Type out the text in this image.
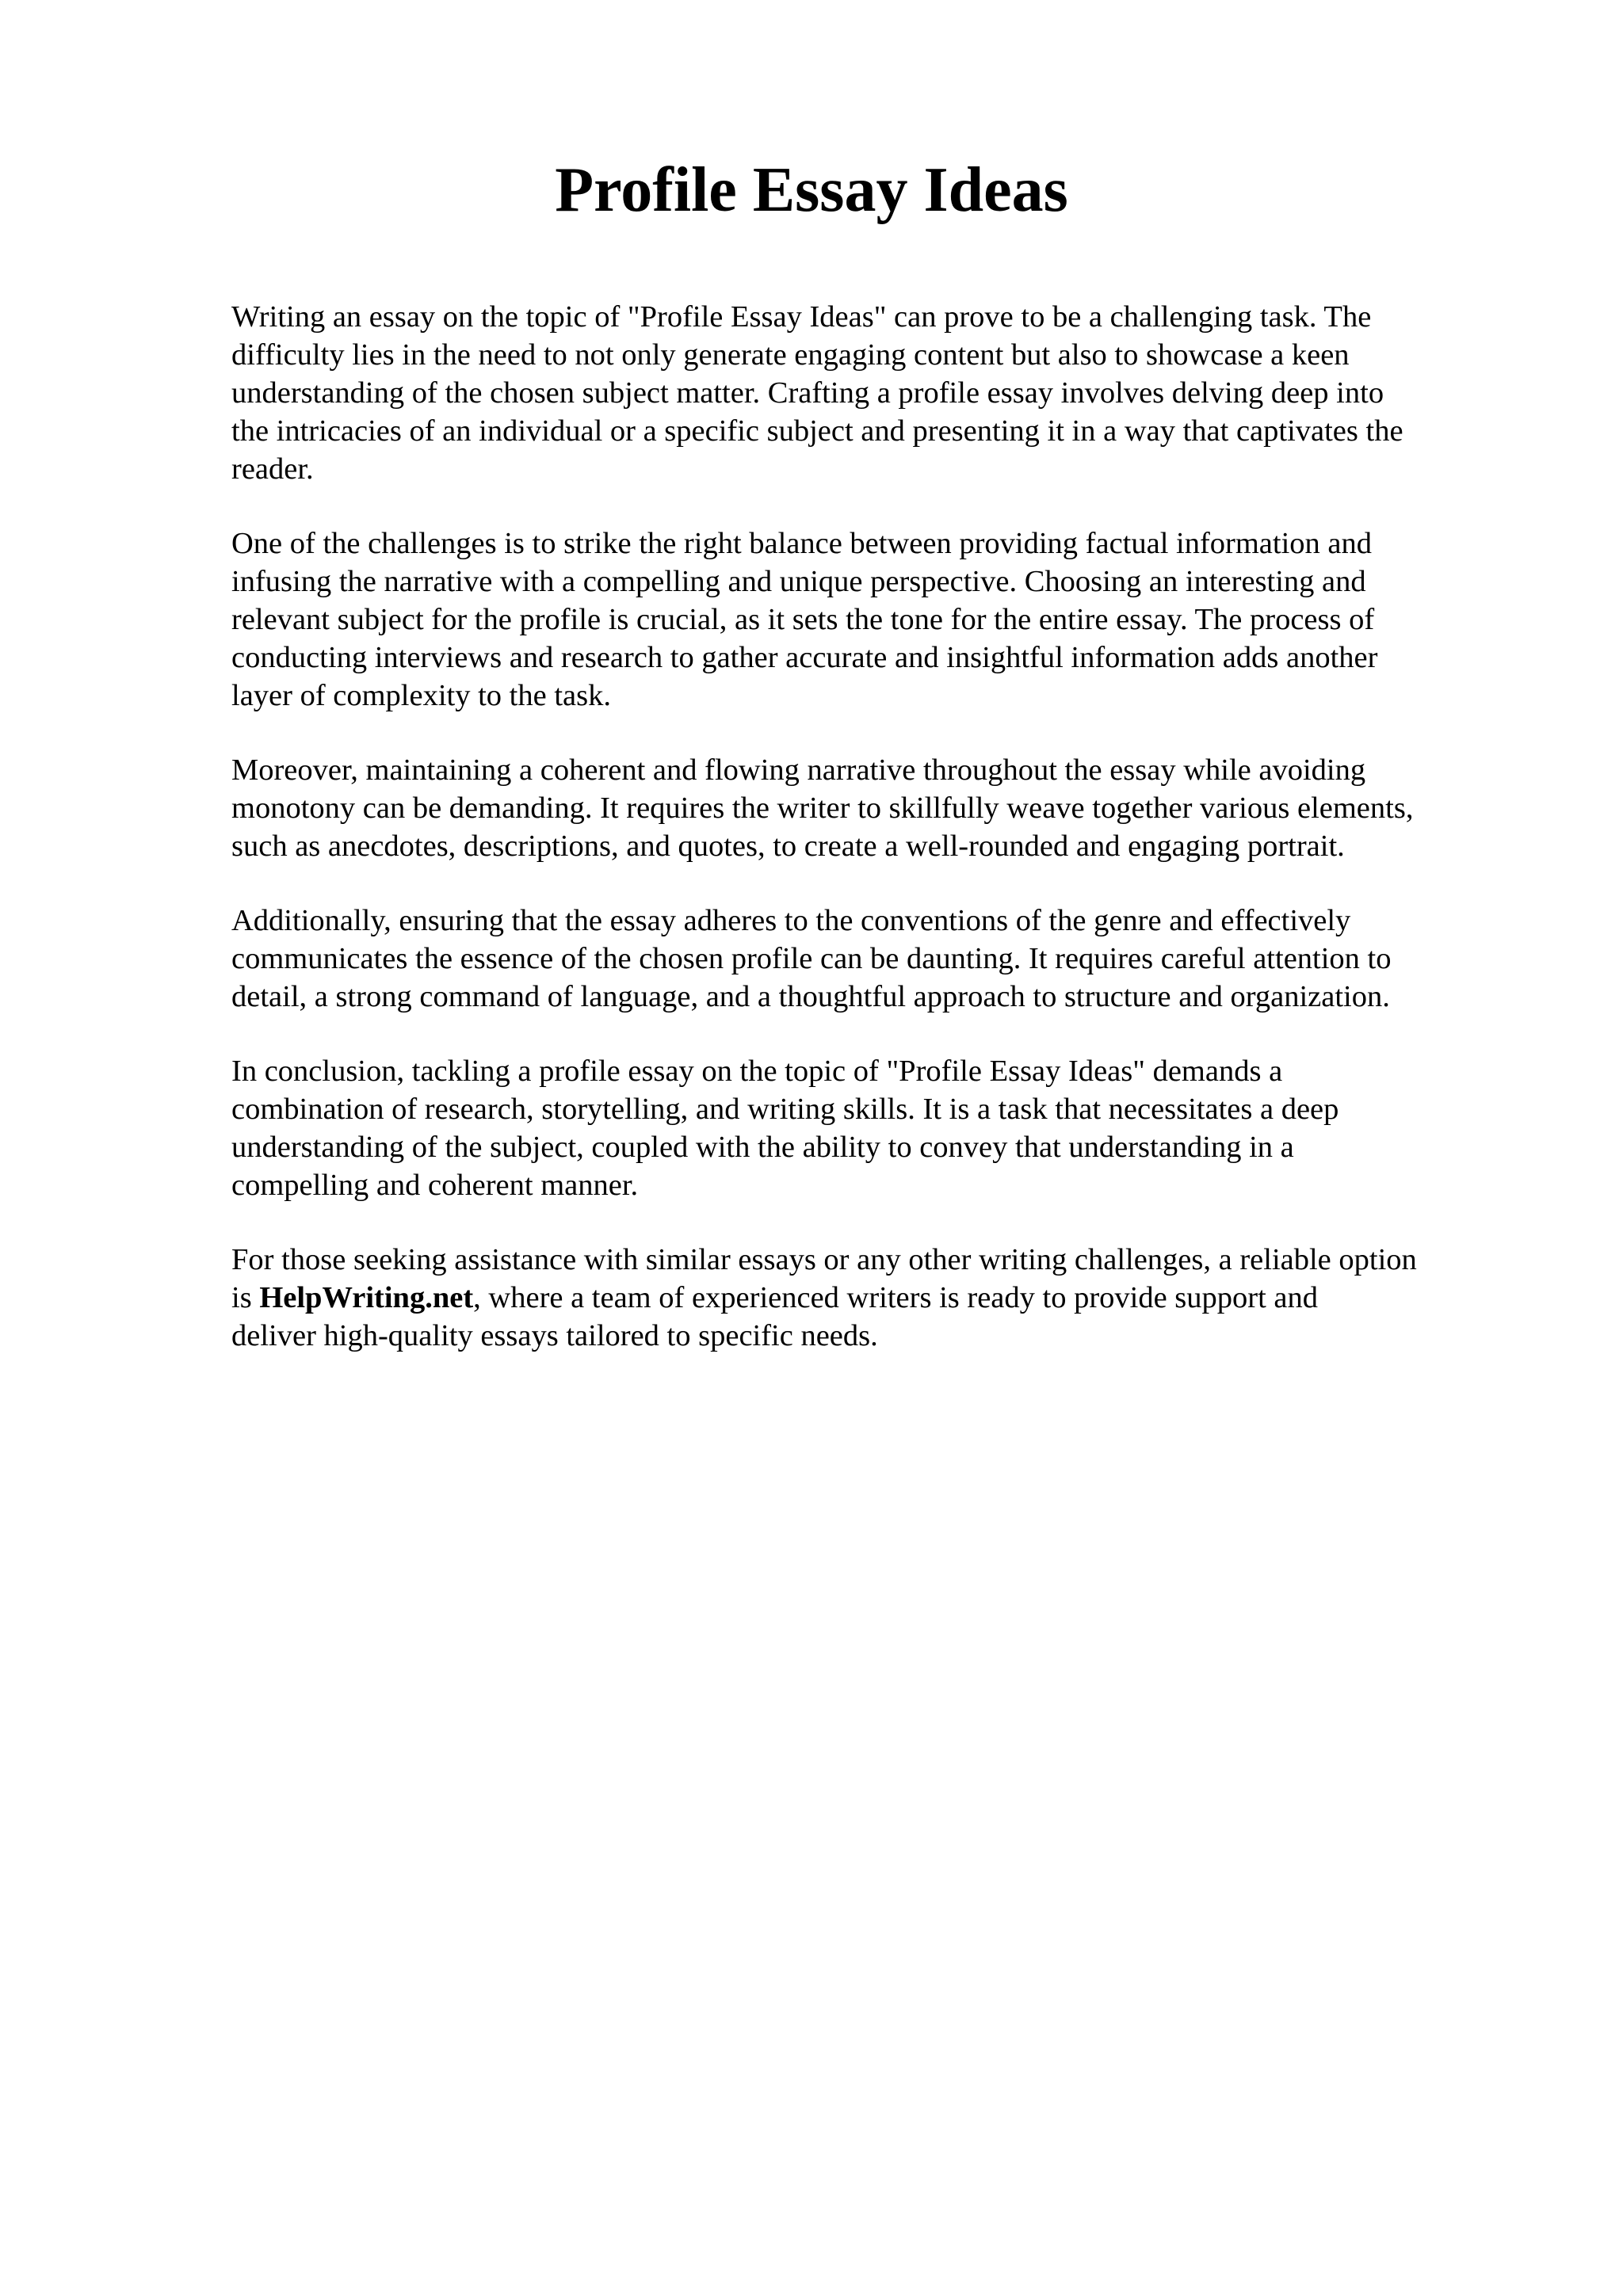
Profile Essay Ideas

Writing an essay on the topic of "Profile Essay Ideas" can prove to be a challenging task. The
difficulty lies in the need to not only generate engaging content but also to showcase a keen
understanding of the chosen subject matter. Crafting a profile essay involves delving deep into
the intricacies of an individual or a specific subject and presenting it in a way that captivates the
reader.

One of the challenges is to strike the right balance between providing factual information and
infusing the narrative with a compelling and unique perspective. Choosing an interesting and
relevant subject for the profile is crucial, as it sets the tone for the entire essay. The process of
conducting interviews and research to gather accurate and insightful information adds another
layer of complexity to the task.

Moreover, maintaining a coherent and flowing narrative throughout the essay while avoiding
monotony can be demanding. It requires the writer to skillfully weave together various elements,
such as anecdotes, descriptions, and quotes, to create a well-rounded and engaging portrait.

Additionally, ensuring that the essay adheres to the conventions of the genre and effectively
communicates the essence of the chosen profile can be daunting. It requires careful attention to
detail, a strong command of language, and a thoughtful approach to structure and organization.

In conclusion, tackling a profile essay on the topic of "Profile Essay Ideas" demands a
combination of research, storytelling, and writing skills. It is a task that necessitates a deep
understanding of the subject, coupled with the ability to convey that understanding in a
compelling and coherent manner.

For those seeking assistance with similar essays or any other writing challenges, a reliable option
is HelpWriting.net, where a team of experienced writers is ready to provide support and
deliver high-quality essays tailored to specific needs.
